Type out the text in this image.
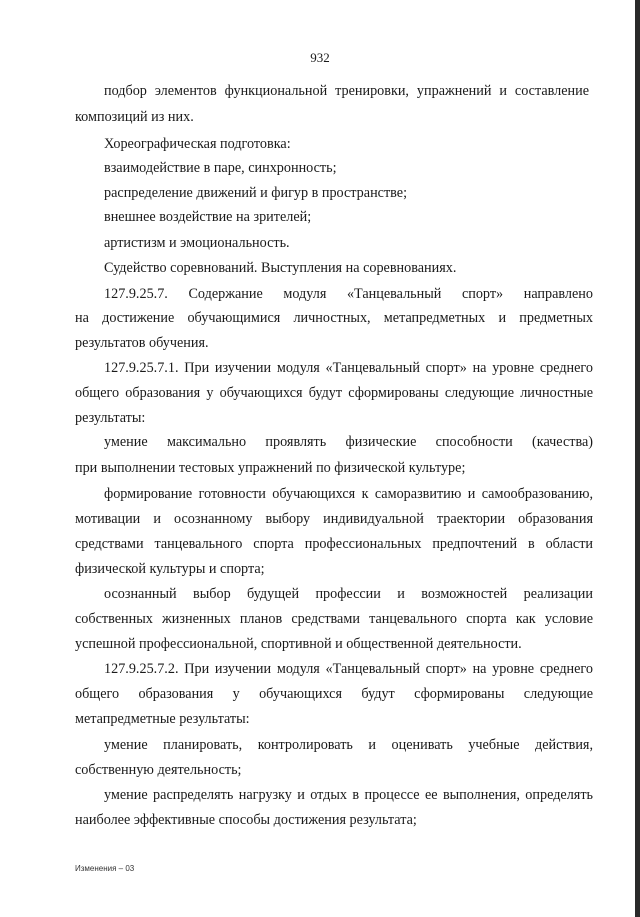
932
подбор элементов функциональной тренировки, упражнений и составление
композиций из них.
Хореографическая подготовка:
взаимодействие в паре, синхронность;
распределение движений и фигур в пространстве;
внешнее воздействие на зрителей;
артистизм и эмоциональность.
Судейство соревнований. Выступления на соревнованиях.
127.9.25.7. Содержание модуля «Танцевальный спорт» направлено
на достижение обучающимися личностных, метапредметных и предметных
результатов обучения.
127.9.25.7.1. При изучении модуля «Танцевальный спорт» на уровне среднего
общего образования у обучающихся будут сформированы следующие личностные
результаты:
умение максимально проявлять физические способности (качества)
при выполнении тестовых упражнений по физической культуре;
формирование готовности обучающихся к саморазвитию и самообразованию,
мотивации и осознанному выбору индивидуальной траектории образования
средствами танцевального спорта профессиональных предпочтений в области
физической культуры и спорта;
осознанный выбор будущей профессии и возможностей реализации
собственных жизненных планов средствами танцевального спорта как условие
успешной профессиональной, спортивной и общественной деятельности.
127.9.25.7.2. При изучении модуля «Танцевальный спорт» на уровне среднего
общего образования у обучающихся будут сформированы следующие
метапредметные результаты:
умение планировать, контролировать и оценивать учебные действия,
собственную деятельность;
умение распределять нагрузку и отдых в процессе ее выполнения, определять
наиболее эффективные способы достижения результата;
Изменения – 03
